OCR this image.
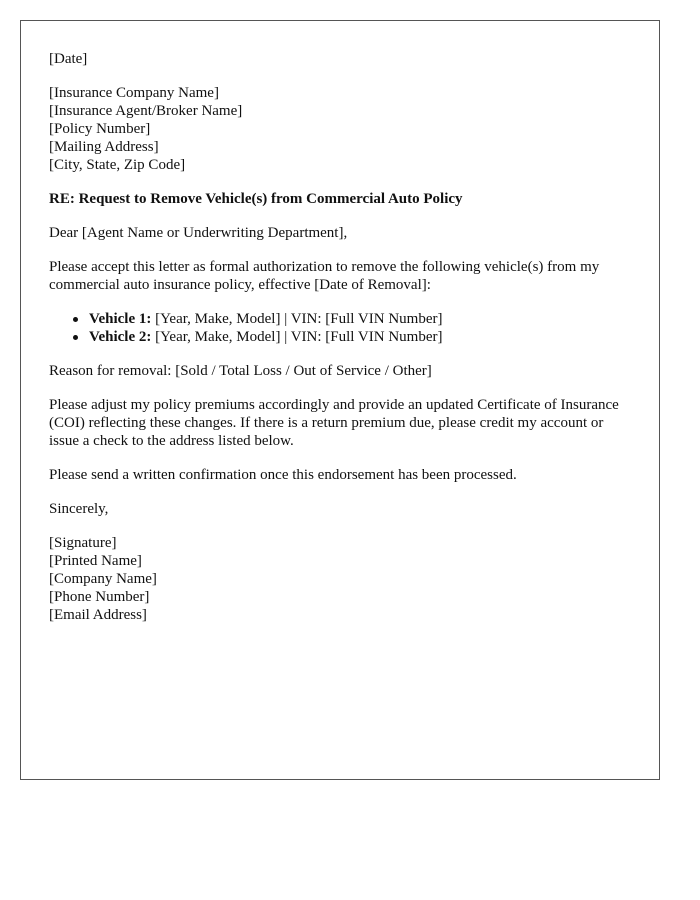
[Date]
[Insurance Company Name]
[Insurance Agent/Broker Name]
[Policy Number]
[Mailing Address]
[City, State, Zip Code]
RE: Request to Remove Vehicle(s) from Commercial Auto Policy
Dear [Agent Name or Underwriting Department],
Please accept this letter as formal authorization to remove the following vehicle(s) from my commercial auto insurance policy, effective [Date of Removal]:
Vehicle 1: [Year, Make, Model] | VIN: [Full VIN Number]
Vehicle 2: [Year, Make, Model] | VIN: [Full VIN Number]
Reason for removal: [Sold / Total Loss / Out of Service / Other]
Please adjust my policy premiums accordingly and provide an updated Certificate of Insurance (COI) reflecting these changes. If there is a return premium due, please credit my account or issue a check to the address listed below.
Please send a written confirmation once this endorsement has been processed.
Sincerely,
[Signature]
[Printed Name]
[Company Name]
[Phone Number]
[Email Address]
